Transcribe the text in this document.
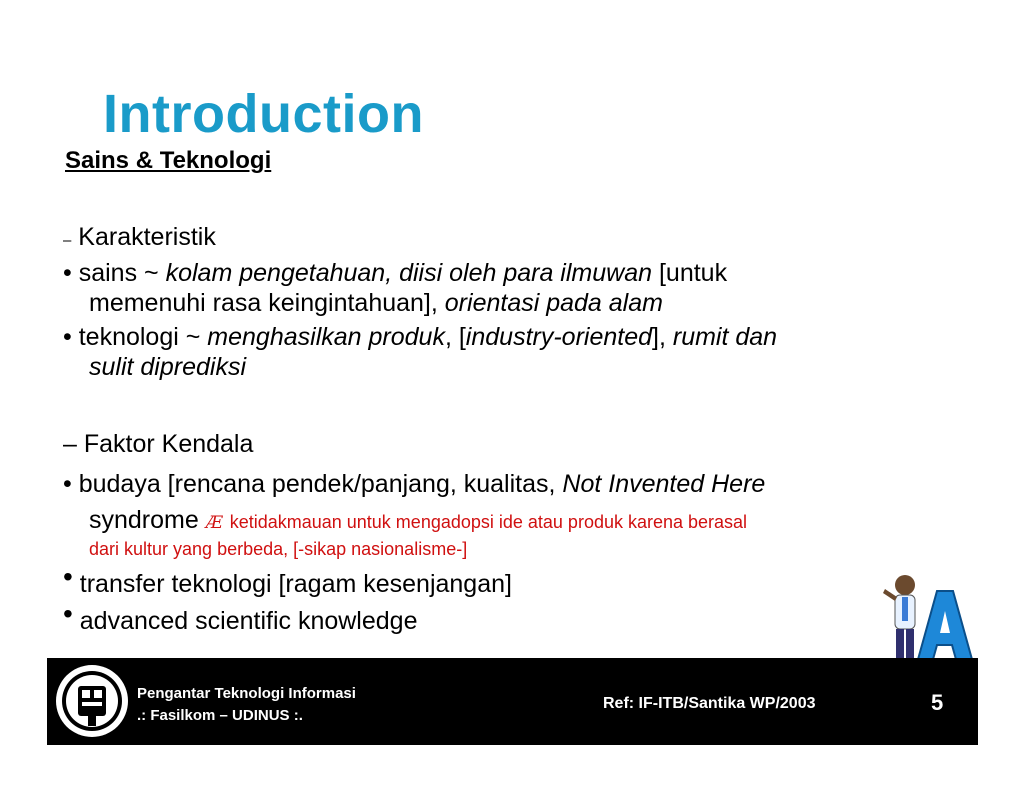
Introduction
Sains & Teknologi
– Karakteristik
• sains ~ kolam pengetahuan, diisi oleh para ilmuwan [untuk
memenuhi rasa keingintahuan], orientasi pada alam
• teknologi ~ menghasilkan produk, [industry-oriented], rumit dan
sulit diprediksi
– Faktor Kendala
• budaya [rencana pendek/panjang, kualitas, Not Invented Here
syndrome Æ ketidakmauan untuk mengadopsi ide atau produk karena berasal
dari kultur yang berbeda, [-sikap nasionalisme-]
• transfer teknologi [ragam kesenjangan]
• advanced scientific knowledge
Pengantar Teknologi Informasi
.: Fasilkom – UDINUS :.
Ref: IF-ITB/Santika WP/2003	5
